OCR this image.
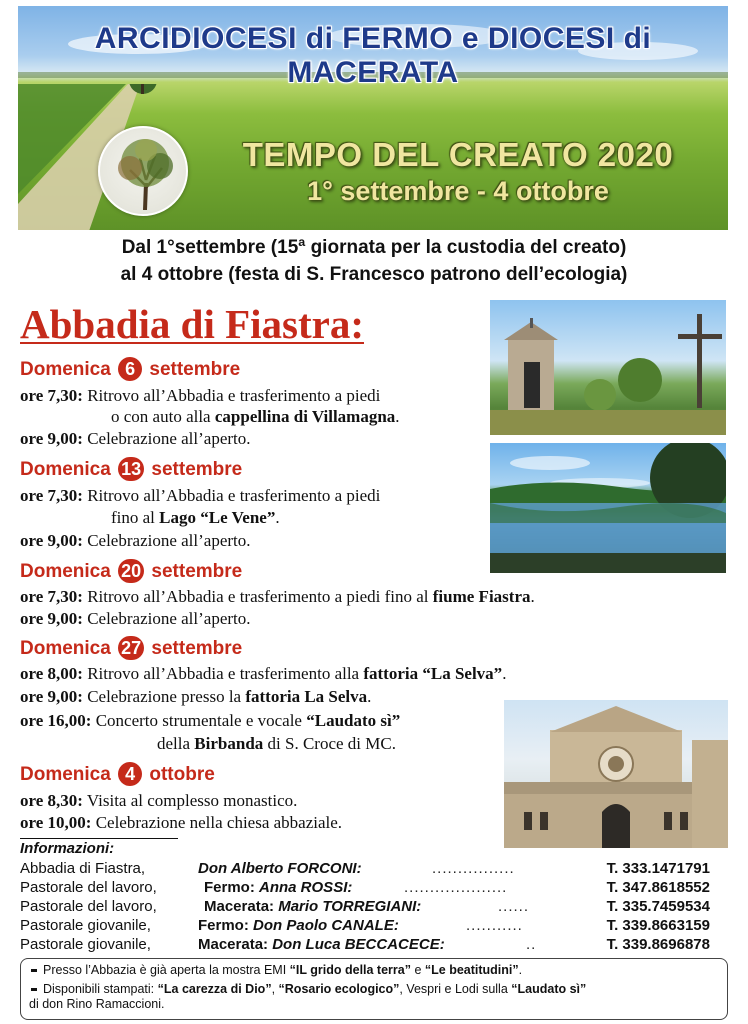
ARCIDIOCESI di FERMO e DIOCESI di MACERATA
TEMPO DEL CREATO 2020
1° settembre - 4 ottobre
Dal 1°settembre (15ª giornata per la custodia del creato)
al 4 ottobre (festa di S. Francesco patrono dell’ecologia)
Abbadia di Fiastra:
Domenica 6 settembre
ore 7,30: Ritrovo all’Abbadia e trasferimento a piedi
o con auto alla cappellina di Villamagna.
ore 9,00: Celebrazione all’aperto.
Domenica 13 settembre
ore 7,30: Ritrovo all’Abbadia e trasferimento a piedi
fino al Lago “Le Vene”.
ore 9,00: Celebrazione all’aperto.
Domenica 20 settembre
ore 7,30: Ritrovo all’Abbadia e trasferimento a piedi fino al fiume Fiastra.
ore 9,00: Celebrazione all’aperto.
Domenica 27 settembre
ore 8,00: Ritrovo all’Abbadia e trasferimento alla fattoria “La Selva”.
ore 9,00: Celebrazione presso la fattoria La Selva.
ore 16,00: Concerto strumentale e vocale “Laudato sì”
della Birbanda di S. Croce di MC.
Domenica 4 ottobre
ore 8,30: Visita al complesso monastico.
ore 10,00: Celebrazione nella chiesa abbaziale.
Informazioni:
Abbadia di Fiastra,	Don Alberto FORCONI:	................	T. 333.1471791
Pastorale del lavoro,	Fermo: Anna ROSSI:	....................	T. 347.8618552
Pastorale del lavoro,	Macerata: Mario TORREGIANI:	......	T. 335.7459534
Pastorale giovanile,	Fermo: Don Paolo CANALE:	...........	T. 339.8663159
Pastorale giovanile,	Macerata: Don Luca BECCACECE:	..	T. 339.8696878
Presso l’Abbazia è già aperta la mostra EMI “IL grido della terra” e “Le beatitudini”.
Disponibili stampati: “La carezza di Dio”, “Rosario ecologico”, Vespri e Lodi sulla “Laudato sì”
di don Rino Ramaccioni.
